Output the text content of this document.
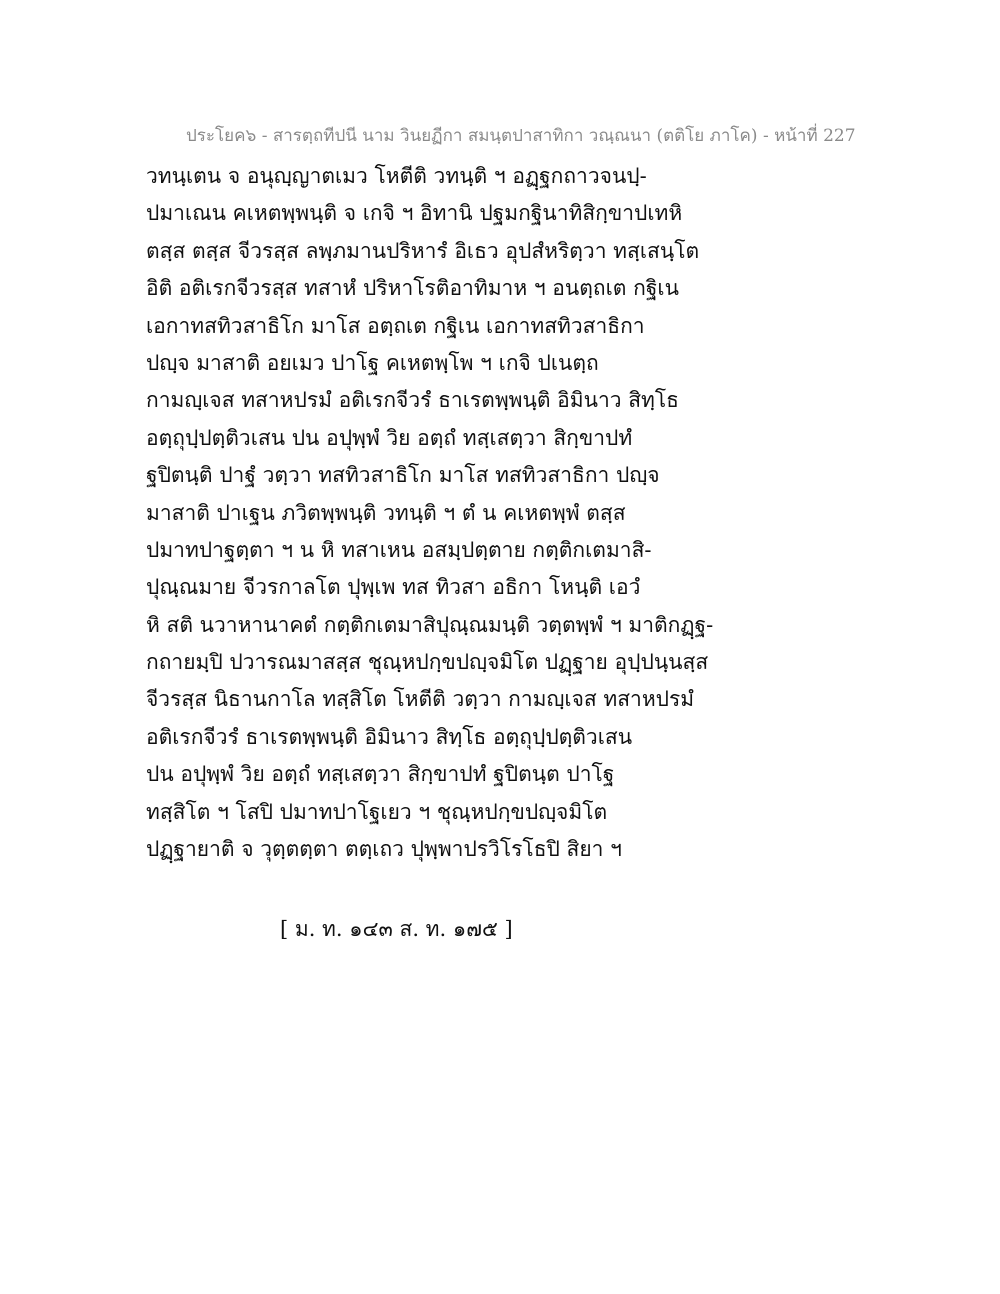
ประโยค๖ - สารตฺถทีปนี นาม วินยฏีกา สมนฺตปาสาทิกา วณฺณนา (ตติโย ภาโค) - หน้าที่ 227
วทนฺเตน จ อนุญฺญาตเมว โหตีติ วทนฺติ ฯ อฏฺฐกถาวจนปฺ-
ปมาเณน คเหตพฺพนฺติ จ เกจิ ฯ อิทานิ ปฐมกฐินาทิสิกฺขาปเทหิ
ตสฺส ตสฺส จีวรสฺส ลพฺภมานปริหารํ อิเธว อุปสํหริตฺวา ทสฺเสนฺโต
อิติ อติเรกจีวรสฺส ทสาหํ ปริหาโรติอาทิมาห ฯ อนตฺถเต กฐิเน
เอกาทสทิวสาธิโก มาโส อตฺถเต กฐิเน เอกาทสทิวสาธิกา
ปญฺจ มาสาติ อยเมว ปาโฐ คเหตพฺโพ ฯ เกจิ ปเนตฺถ
กามญฺเจส ทสาหปรมํ อติเรกจีวรํ ธาเรตพฺพนฺติ อิมินาว สิทฺโธ
อตฺถุปฺปตฺติวเสน ปน อปุพฺพํ วิย อตฺถํ ทสฺเสตฺวา สิกฺขาปทํ
ฐปิตนฺติ ปาฐํ วตฺวา ทสทิวสาธิโก มาโส ทสทิวสาธิกา ปญฺจ
มาสาติ ปาเฐน ภวิตพฺพนฺติ วทนฺติ ฯ ตํ น คเหตพฺพํ ตสฺส
ปมาทปาฐตฺตา ฯ น หิ ทสาเหน อสมฺปตฺตาย กตฺติกเตมาสิ-
ปุณฺณมาย จีวรกาลโต ปุพฺเพ ทส ทิวสา อธิกา โหนฺติ เอวํ
หิ สติ นวาหานาคตํ กตฺติกเตมาสิปุณฺณมนฺติ วตฺตพฺพํ ฯ มาติกฏฺฐ-
กถายมฺปิ ปวารณมาสสฺส ชุณฺหปกฺขปญฺจมิโต ปฏฺฐาย อุปฺปนฺนสฺส
จีวรสฺส นิธานกาโล ทสฺสิโต โหตีติ วตฺวา กามญฺเจส ทสาหปรมํ
อติเรกจีวรํ ธาเรตพฺพนฺติ อิมินาว สิทฺโธ อตฺถุปฺปตฺติวเสน
ปน อปุพฺพํ วิย อตฺถํ ทสฺเสตฺวา สิกฺขาปทํ ฐปิตนฺต ปาโฐ
ทสฺสิโต ฯ โสปิ ปมาทปาโฐเยว ฯ ชุณฺหปกฺขปญฺจมิโต
ปฏฺฐายาติ จ วุตฺตตฺตา ตตฺเถว ปุพฺพาปรวิโรโธปิ สิยา ฯ
[ ม. ท. ๑๔๓ ส. ท. ๑๗๕ ]
